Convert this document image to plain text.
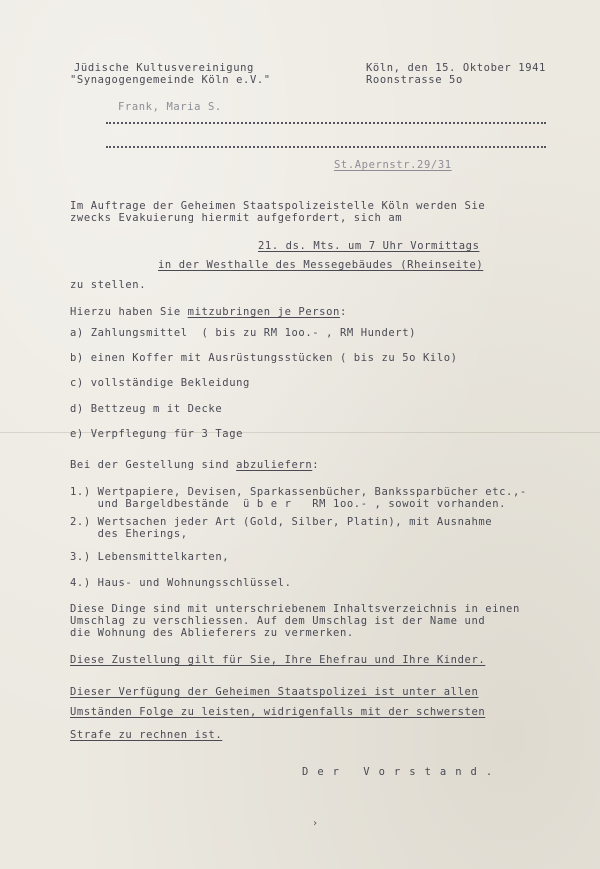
Jüdische Kultusvereinigung
"Synagogengemeinde Köln e.V."
Köln, den 15. Oktober 1941
Roonstrasse 5o
Frank, Maria S.
St.Apernstr.29/31
Im Auftrage der Geheimen Staatspolizeistelle Köln werden Sie
zwecks Evakuierung hiermit aufgefordert, sich am
21. ds. Mts. um 7 Uhr Vormittags
in der Westhalle des Messegebäudes (Rheinseite)
zu stellen.
Hierzu haben Sie mitzubringen je Person:
a) Zahlungsmittel  ( bis zu RM 1oo.- , RM Hundert)
b) einen Koffer mit Ausrüstungsstücken ( bis zu 5o Kilo)
c) vollständige Bekleidung
d) Bettzeug m it Decke
e) Verpflegung für 3 Tage
Bei der Gestellung sind abzuliefern:
1.) Wertpapiere, Devisen, Sparkassenbücher, Bankssparbücher etc.,-
und Bargeldbestände  ü b e r   RM 1oo.- , sowoit vorhanden.
2.) Wertsachen jeder Art (Gold, Silber, Platin), mit Ausnahme
des Eherings,
3.) Lebensmittelkarten,
4.) Haus- und Wohnungsschlüssel.
Diese Dinge sind mit unterschriebenem Inhaltsverzeichnis in einen
Umschlag zu verschliessen. Auf dem Umschlag ist der Name und
die Wohnung des Ablieferers zu vermerken.
Diese Zustellung gilt für Sie, Ihre Ehefrau und Ihre Kinder.
Dieser Verfügung der Geheimen Staatspolizei ist unter allen
Umständen Folge zu leisten, widrigenfalls mit der schwersten
Strafe zu rechnen ist.
Der Vorstand.
›
